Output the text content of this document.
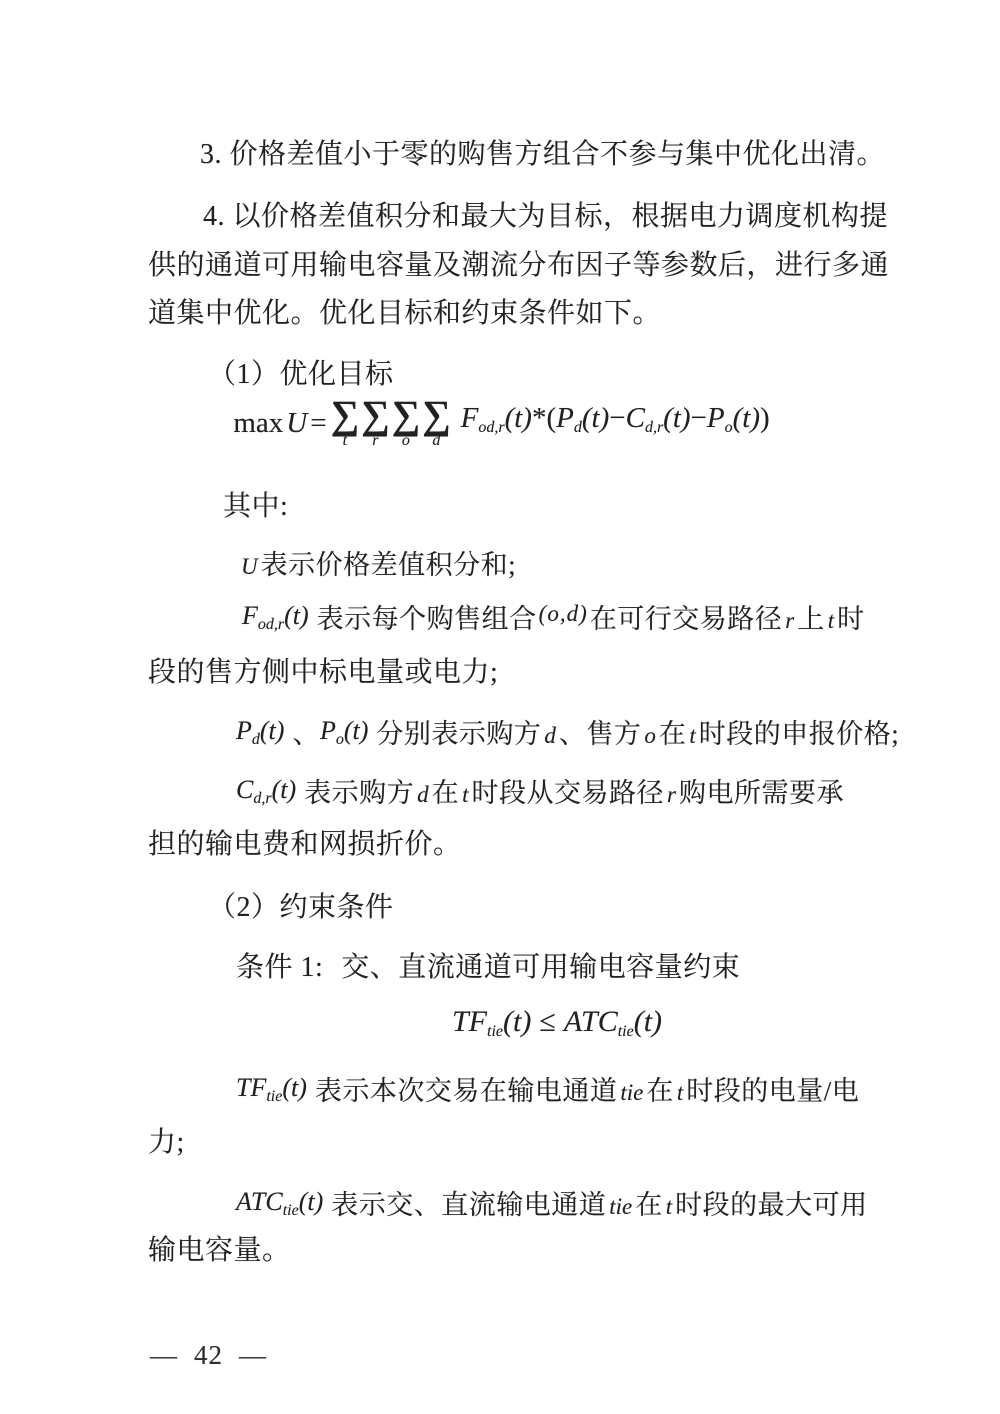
3. 价格差值小于零的购售方组合不参与集中优化出清。
4. 以价格差值积分和最大为目标，根据电力调度机构提
供的通道可用输电容量及潮流分布因子等参数后，进行多通
道集中优化。优化目标和约束条件如下。
（1）优化目标
max U = ∑
t
∑
r
∑
o
∑
d
Fod,r(t)*(Pd(t)−Cd,r(t)−Po(t))
其中:
U 表示价格差值积分和;
Fod,r(t) 表示每个购售组合(o,d)在可行交易路径 r 上 t 时
段的售方侧中标电量或电力;
Pd(t) 、Po(t) 分别表示购方 d 、售方 o 在 t 时段的申报价格;
Cd,r(t) 表示购方 d 在 t 时段从交易路径 r 购电所需要承
担的输电费和网损折价。
（2）约束条件
条件 1: 交、直流通道可用输电容量约束
TFtie(t) ≤ ATCtie(t)
TFtie(t) 表示本次交易在输电通道 tie 在 t 时段的电量/电
力;
ATCtie(t) 表示交、直流输电通道 tie 在 t 时段的最大可用
输电容量。
— 42 —
